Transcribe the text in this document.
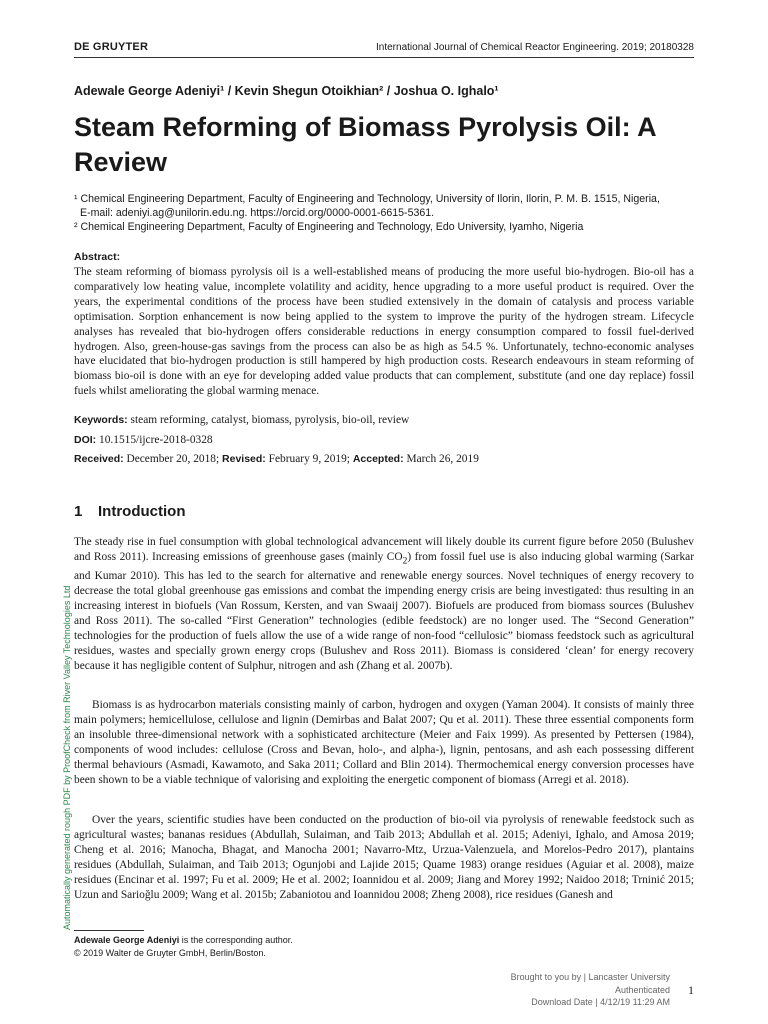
DE GRUYTER	International Journal of Chemical Reactor Engineering. 2019; 20180328
Adewale George Adeniyi¹ / Kevin Shegun Otoikhian² / Joshua O. Ighalo¹
Steam Reforming of Biomass Pyrolysis Oil: A Review
¹ Chemical Engineering Department, Faculty of Engineering and Technology, University of Ilorin, Ilorin, P. M. B. 1515, Nigeria,
E-mail: adeniyi.ag@unilorin.edu.ng. https://orcid.org/0000-0001-6615-5361.
² Chemical Engineering Department, Faculty of Engineering and Technology, Edo University, Iyamho, Nigeria
Abstract:
The steam reforming of biomass pyrolysis oil is a well-established means of producing the more useful bio-hydrogen. Bio-oil has a comparatively low heating value, incomplete volatility and acidity, hence upgrading to a more useful product is required. Over the years, the experimental conditions of the process have been studied extensively in the domain of catalysis and process variable optimisation. Sorption enhancement is now being applied to the system to improve the purity of the hydrogen stream. Lifecycle analyses has revealed that bio-hydrogen offers considerable reductions in energy consumption compared to fossil fuel-derived hydrogen. Also, green-house-gas savings from the process can also be as high as 54.5 %. Unfortunately, techno-economic analyses have elucidated that bio-hydrogen production is still hampered by high production costs. Research endeavours in steam reforming of biomass bio-oil is done with an eye for developing added value products that can complement, substitute (and one day replace) fossil fuels whilst ameliorating the global warming menace.
Keywords: steam reforming, catalyst, biomass, pyrolysis, bio-oil, review
DOI: 10.1515/ijcre-2018-0328
Received: December 20, 2018; Revised: February 9, 2019; Accepted: March 26, 2019
1 Introduction
The steady rise in fuel consumption with global technological advancement will likely double its current figure before 2050 (Bulushev and Ross 2011). Increasing emissions of greenhouse gases (mainly $CO_2$) from fossil fuel use is also inducing global warming (Sarkar and Kumar 2010). This has led to the search for alternative and renewable energy sources. Novel techniques of energy recovery to decrease the total global greenhouse gas emissions and combat the impending energy crisis are being investigated: thus resulting in an increasing interest in biofuels (Van Rossum, Kersten, and van Swaaij 2007). Biofuels are produced from biomass sources (Bulushev and Ross 2011). The so-called “First Generation” technologies (edible feedstock) are no longer used. The “Second Generation” technologies for the production of fuels allow the use of a wide range of non-food “cellulosic” biomass feedstock such as agricultural residues, wastes and specially grown energy crops (Bulushev and Ross 2011). Biomass is considered ‘clean’ for energy recovery because it has negligible content of Sulphur, nitrogen and ash (Zhang et al. 2007b).
Biomass is as hydrocarbon materials consisting mainly of carbon, hydrogen and oxygen (Yaman 2004). It consists of mainly three main polymers; hemicellulose, cellulose and lignin (Demirbas and Balat 2007; Qu et al. 2011). These three essential components form an insoluble three-dimensional network with a sophisticated architecture (Meier and Faix 1999). As presented by Pettersen (1984), components of wood includes: cellulose (Cross and Bevan, holo-, and alpha-), lignin, pentosans, and ash each possessing different thermal behaviours (Asmadi, Kawamoto, and Saka 2011; Collard and Blin 2014). Thermochemical energy conversion processes have been shown to be a viable technique of valorising and exploiting the energetic component of biomass (Arregi et al. 2018).
Over the years, scientific studies have been conducted on the production of bio-oil via pyrolysis of renewable feedstock such as agricultural wastes; bananas residues (Abdullah, Sulaiman, and Taib 2013; Abdullah et al. 2015; Adeniyi, Ighalo, and Amosa 2019; Cheng et al. 2016; Manocha, Bhagat, and Manocha 2001; Navarro-Mtz, Urzua-Valenzuela, and Morelos-Pedro 2017), plantains residues (Abdullah, Sulaiman, and Taib 2013; Ogunjobi and Lajide 2015; Quame 1983) orange residues (Aguiar et al. 2008), maize residues (Encinar et al. 1997; Fu et al. 2009; He et al. 2002; Ioannidou et al. 2009; Jiang and Morey 1992; Naidoo 2018; Trninić 2015; Uzun and Sarioğlu 2009; Wang et al. 2015b; Zabaniotou and Ioannidou 2008; Zheng 2008), rice residues (Ganesh and
Adewale George Adeniyi is the corresponding author.
© 2019 Walter de Gruyter GmbH, Berlin/Boston.
Brought to you by | Lancaster University
Authenticated
Download Date | 4/12/19 11:29 AM
1
Automatically generated rough PDF by ProofCheck from River Valley Technologies Ltd
